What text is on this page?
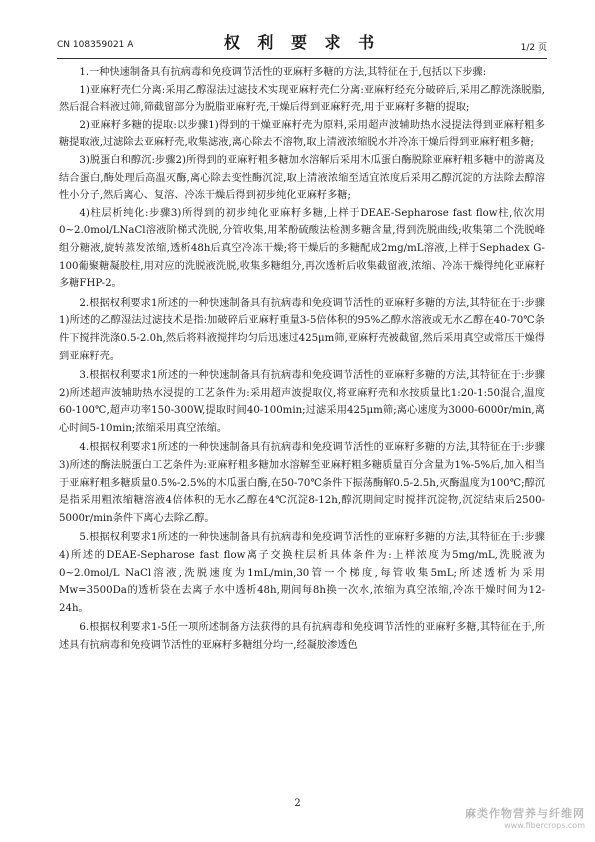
CN 108359021 A	权 利 要 求 书	1/2 页

1.一种快速制备具有抗病毒和免疫调节活性的亚麻籽多糖的方法,其特征在于,包括以下步骤:

1)亚麻籽壳仁分离:采用乙醇湿法过滤技术实现亚麻籽壳仁分离:亚麻籽经充分破碎后,采用乙醇洗涤脱脂,然后混合料液过筛,筛截留部分为脱脂亚麻籽壳,干燥后得到亚麻籽壳,用于亚麻籽多糖的提取;

2)亚麻籽多糖的提取:以步骤1)得到的干燥亚麻籽壳为原料,采用超声波辅助热水浸提法得到亚麻籽粗多糖提取液,过滤除去亚麻籽壳,收集滤液,离心除去不溶物,取上清液浓缩脱水并冷冻干燥后得到亚麻籽粗多糖;

3)脱蛋白和醇沉:步骤2)所得到的亚麻籽粗多糖加水溶解后采用木瓜蛋白酶脱除亚麻籽粗多糖中的游离及结合蛋白,酶处理后高温灭酶,离心除去变性酶沉淀,取上清液浓缩至适宜浓度后采用乙醇沉淀的方法除去醇溶性小分子,然后离心、复溶、冷冻干燥后得到初步纯化亚麻籽多糖;

4)柱层析纯化:步骤3)所得到的初步纯化亚麻籽多糖,上样于DEAE-Sepharose fast flow柱,依次用0~2.0mol/LNaCl溶液阶梯式洗脱,分管收集,用苯酚硫酸法检测多糖含量,得到洗脱曲线;收集第二个洗脱峰组分糖液,旋转蒸发浓缩,透析48h后真空冷冻干燥;将干燥后的多糖配成2mg/mL溶液,上样于Sephadex G-100葡聚糖凝胶柱,用对应的洗脱液洗脱,收集多糖组分,再次透析后收集截留液,浓缩、冷冻干燥得纯化亚麻籽多糖FHP-2。

2.根据权利要求1所述的一种快速制备具有抗病毒和免疫调节活性的亚麻籽多糖的方法,其特征在于:步骤1)所述的乙醇湿法过滤技术是指:加破碎后亚麻籽重量3-5倍体积的95%乙醇水溶液或无水乙醇在40-70℃条件下搅拌洗涤0.5-2.0h,然后将料液搅拌均匀后迅速过425μm筛,亚麻籽壳被截留,然后采用真空或常压干燥得到亚麻籽壳。

3.根据权利要求1所述的一种快速制备具有抗病毒和免疫调节活性的亚麻籽多糖的方法,其特征在于:步骤2)所述超声波辅助热水浸提的工艺条件为:采用超声波提取仪,将亚麻籽壳和水按质量比1:20-1:50混合,温度60-100℃,超声功率150-300W,提取时间40-100min;过滤采用425μm筛;离心速度为3000-6000r/min,离心时间5-10min;浓缩采用真空浓缩。

4.根据权利要求1所述的一种快速制备具有抗病毒和免疫调节活性的亚麻籽多糖的方法,其特征在于:步骤3)所述的酶法脱蛋白工艺条件为:亚麻籽粗多糖加水溶解至亚麻籽粗多糖质量百分含量为1%-5%后,加入相当于亚麻籽粗多糖质量0.5%-2.5%的木瓜蛋白酶,在50-70℃条件下振荡酶解0.5-2.5h,灭酶温度为100℃;醇沉是指采用粗浓缩糖溶液4倍体积的无水乙醇在4℃沉淀8-12h,醇沉期间定时搅拌沉淀物,沉淀结束后2500-5000r/min条件下离心去除乙醇。

5.根据权利要求1所述的一种快速制备具有抗病毒和免疫调节活性的亚麻籽多糖的方法,其特征在于:步骤4)所述的DEAE-Sepharose fast flow离子交换柱层析具体条件为:上样浓度为5mg/mL,洗脱液为0~2.0mol/L NaCl溶液,洗脱速度为1mL/min,30管一个梯度,每管收集5mL;所述透析为采用Mw=3500Da的透析袋在去离子水中透析48h,期间每8h换一次水,浓缩为真空浓缩,冷冻干燥时间为12-24h。

6.根据权利要求1-5任一项所述制备方法获得的具有抗病毒和免疫调节活性的亚麻籽多糖,其特征在于,所述具有抗病毒和免疫调节活性的亚麻籽多糖组分均一,经凝胶渗透色

2
麻类作物营养与纤维网
www.fibercrops.com
